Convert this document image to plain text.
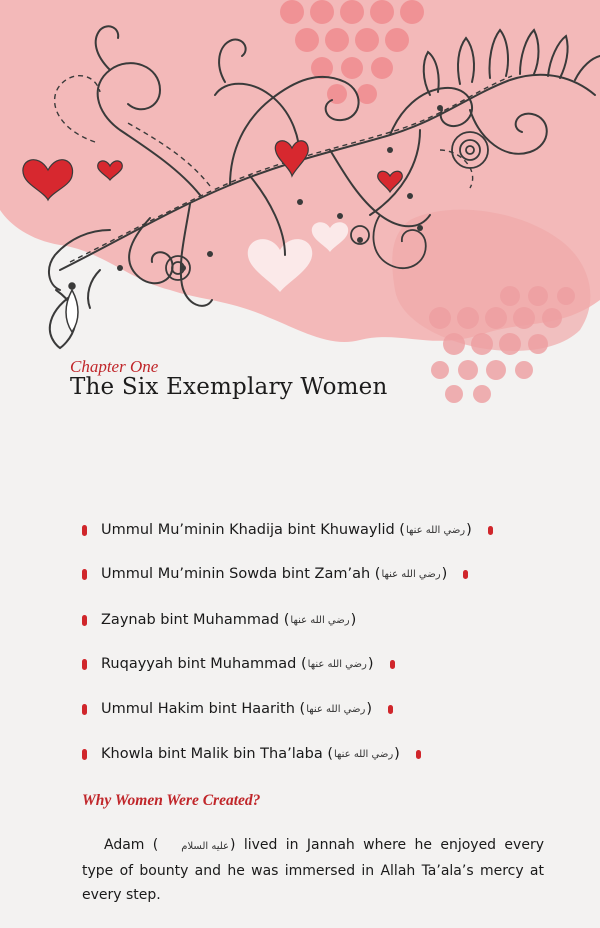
Chapter One
The Six Exemplary Women
Ummul Mu’minin Khadija bint Khuwaylid ( رضي الله عنها )
Ummul Mu’minin Sowda bint Zam’ah ( رضي الله عنها )
Zaynab bint Muhammad ( رضي الله عنها )
Ruqayyah bint Muhammad ( رضي الله عنها )
Ummul Hakim bint Haarith ( رضي الله عنها )
Khowla bint Malik bin Tha’laba ( رضي الله عنها )
Why Women Were Created?

Adam ( عليه السلام) lived in Jannah where he enjoyed every type of bounty and he was immersed in Allah Ta’ala’s mercy at every step.
